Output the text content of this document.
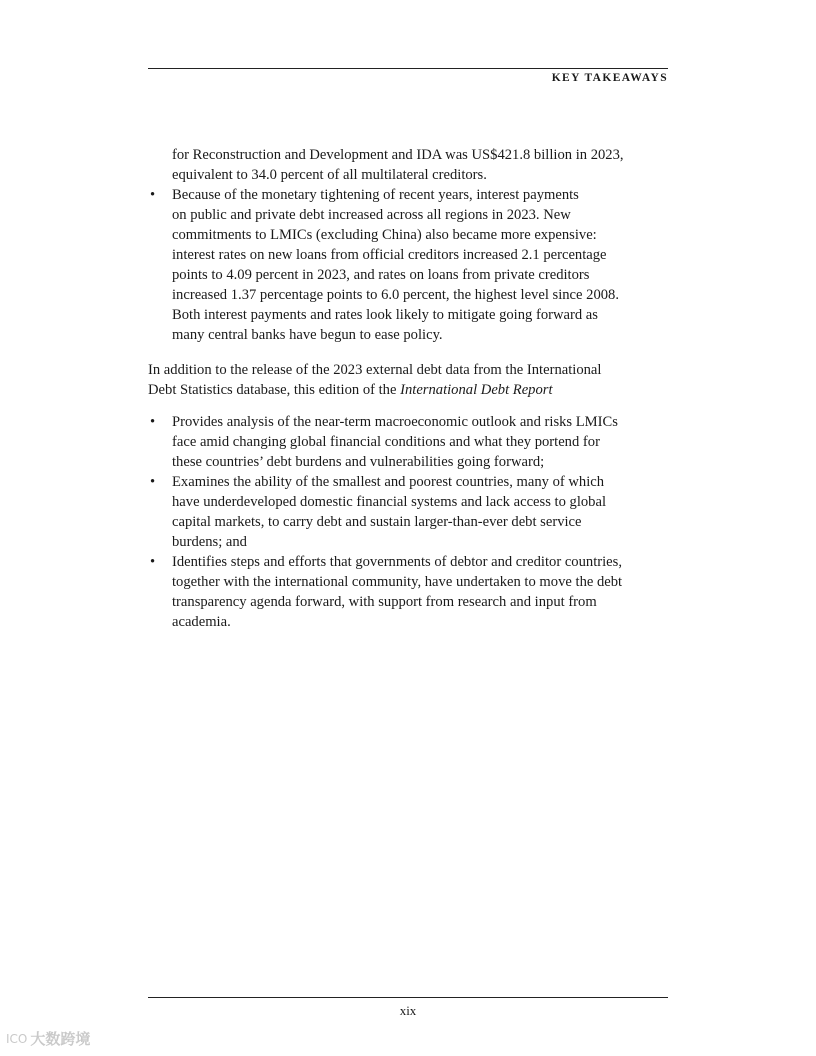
KEY TAKEAWAYS

for Reconstruction and Development and IDA was US$421.8 billion in 2023,
equivalent to 34.0 percent of all multilateral creditors.

• Because of the monetary tightening of recent years, interest payments
on public and private debt increased across all regions in 2023. New
commitments to LMICs (excluding China) also became more expensive:
interest rates on new loans from official creditors increased 2.1 percentage
points to 4.09 percent in 2023, and rates on loans from private creditors
increased 1.37 percentage points to 6.0 percent, the highest level since 2008.
Both interest payments and rates look likely to mitigate going forward as
many central banks have begun to ease policy.

In addition to the release of the 2023 external debt data from the International
Debt Statistics database, this edition of the International Debt Report

• Provides analysis of the near-term macroeconomic outlook and risks LMICs
face amid changing global financial conditions and what they portend for
these countries’ debt burdens and vulnerabilities going forward;
• Examines the ability of the smallest and poorest countries, many of which
have underdeveloped domestic financial systems and lack access to global
capital markets, to carry debt and sustain larger-than-ever debt service
burdens; and
• Identifies steps and efforts that governments of debtor and creditor countries,
together with the international community, have undertaken to move the debt
transparency agenda forward, with support from research and input from
academia.
xix
ICO 大数跨境
